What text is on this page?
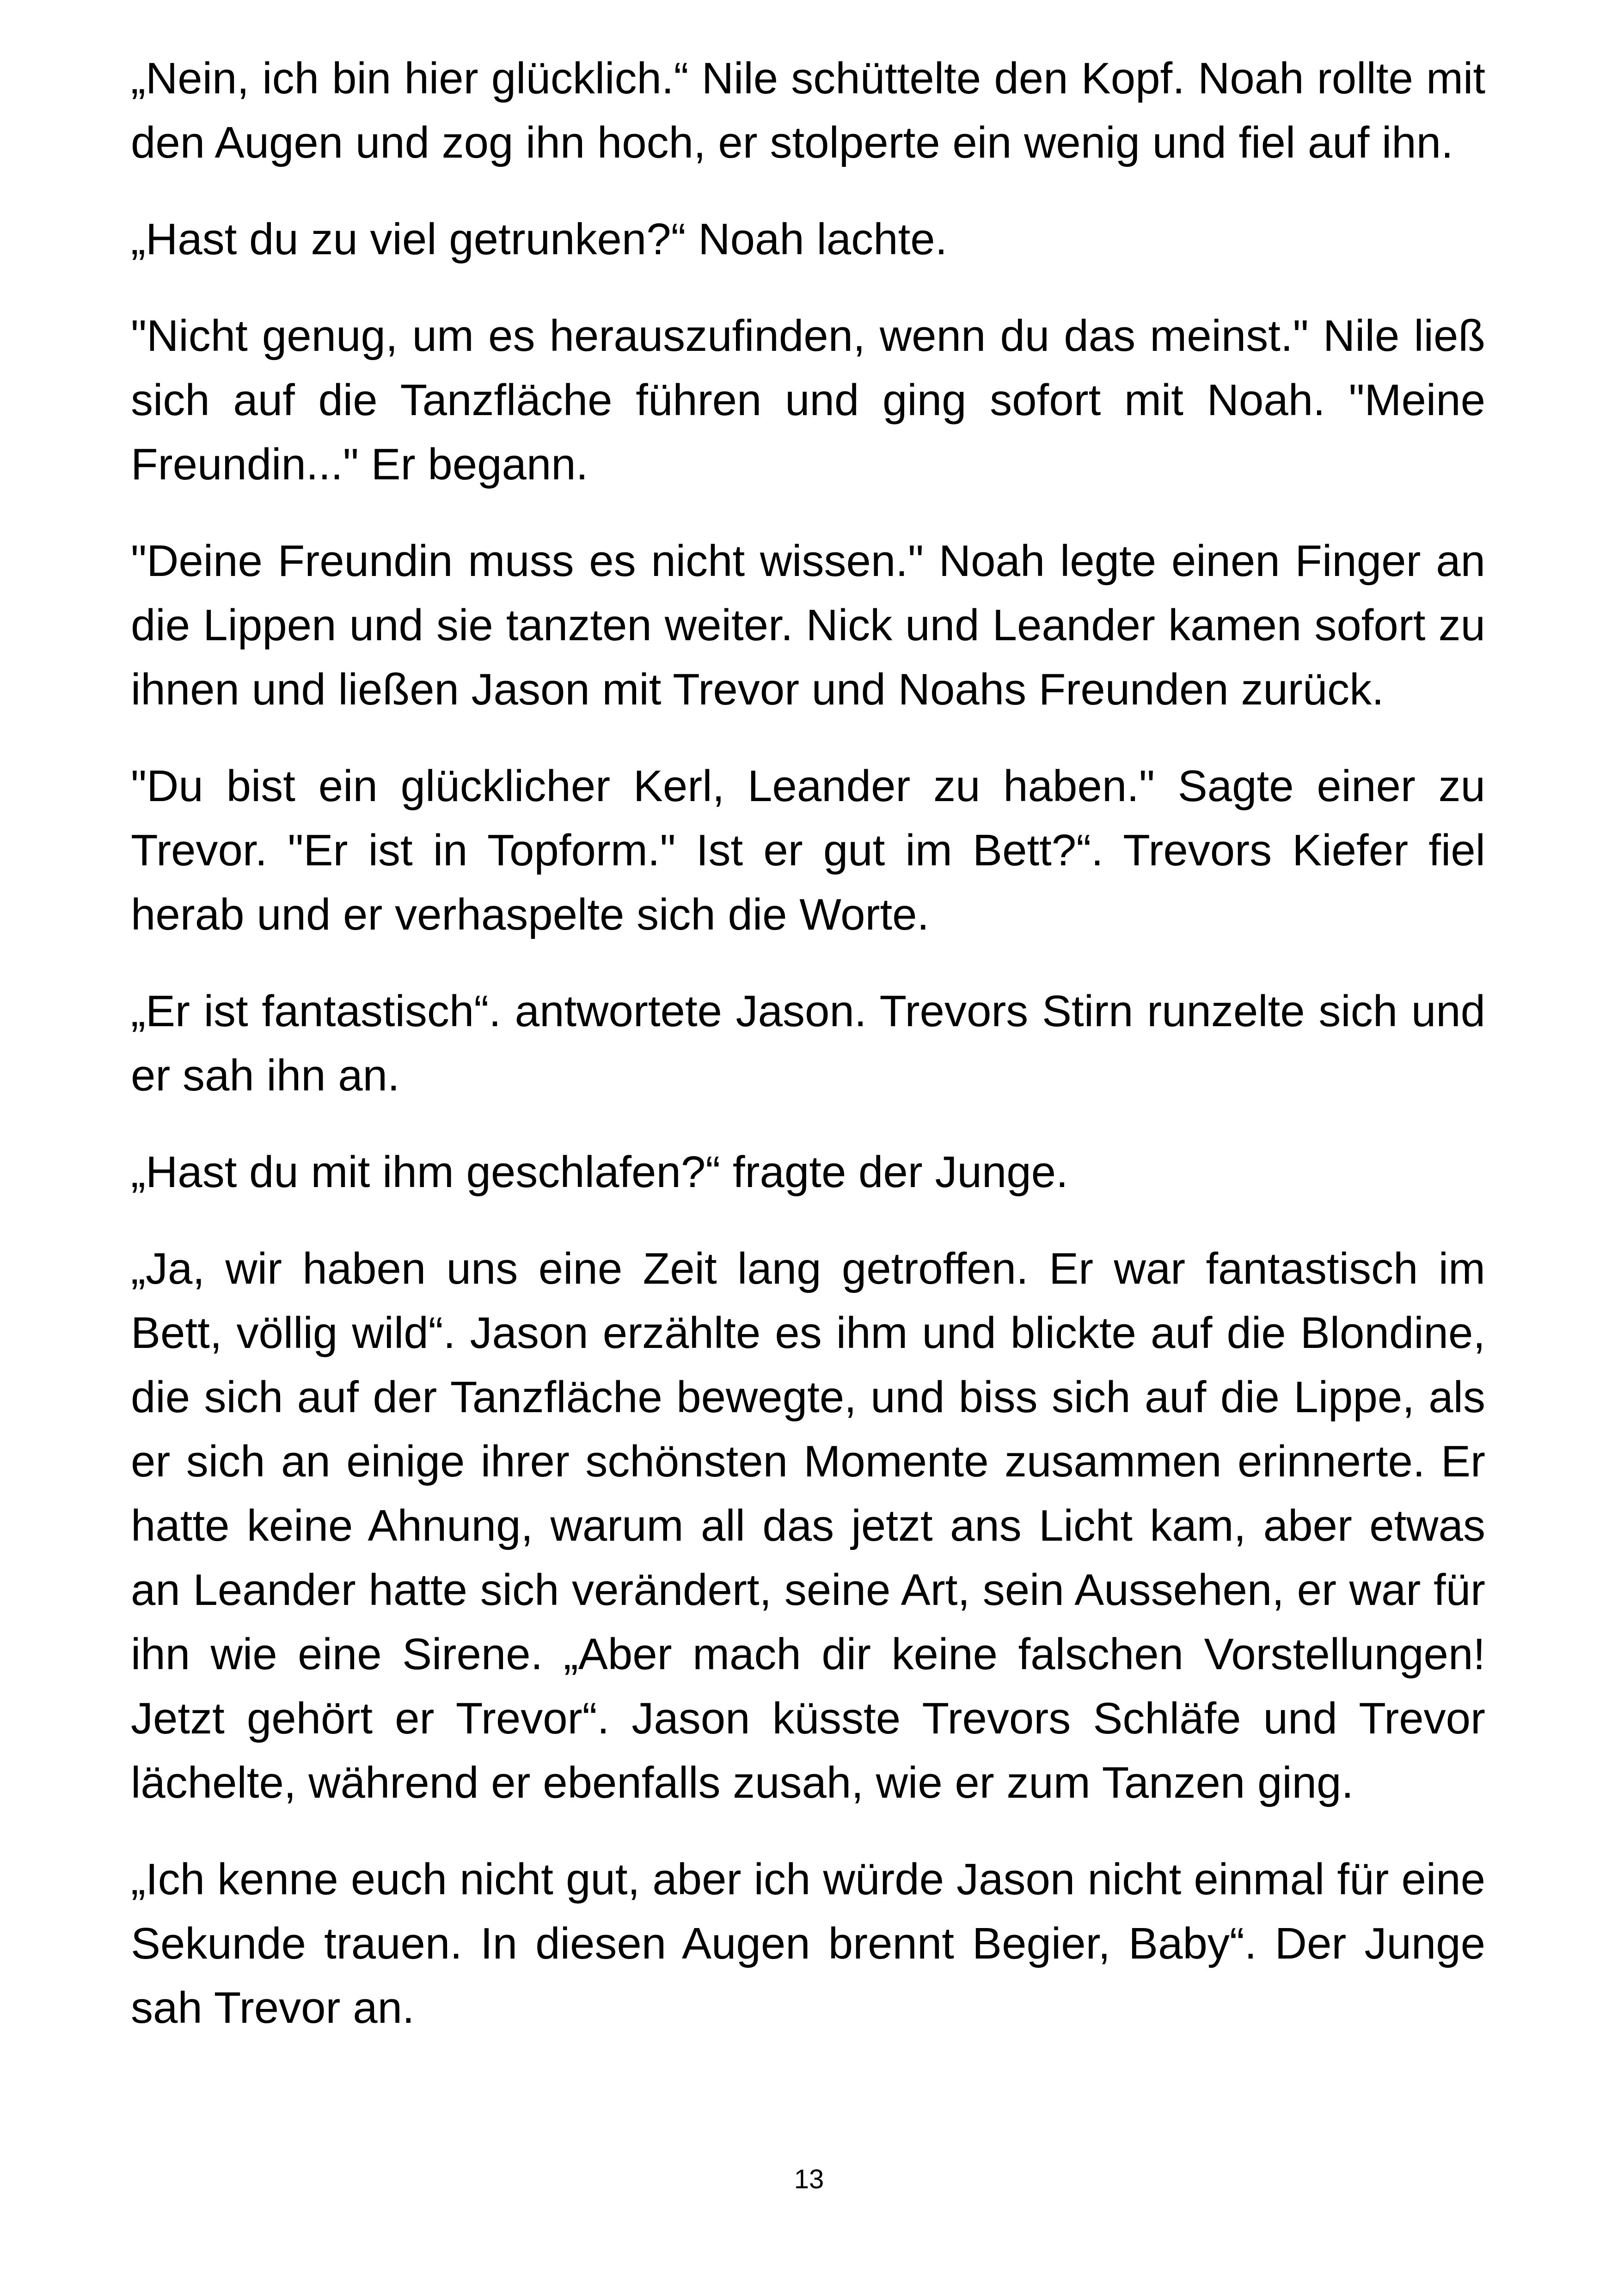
„Nein, ich bin hier glücklich.“ Nile schüttelte den Kopf. Noah rollte mit den Augen und zog ihn hoch, er stolperte ein wenig und fiel auf ihn.

„Hast du zu viel getrunken?“ Noah lachte.

"Nicht genug, um es herauszufinden, wenn du das meinst." Nile ließ sich auf die Tanzfläche führen und ging sofort mit Noah. "Meine Freundin..." Er begann.

"Deine Freundin muss es nicht wissen." Noah legte einen Finger an die Lippen und sie tanzten weiter. Nick und Leander kamen sofort zu ihnen und ließen Jason mit Trevor und Noahs Freunden zurück.

"Du bist ein glücklicher Kerl, Leander zu haben." Sagte einer zu Trevor. "Er ist in Topform." Ist er gut im Bett?“. Trevors Kiefer fiel herab und er verhaspelte sich die Worte.

„Er ist fantastisch“. antwortete Jason. Trevors Stirn runzelte sich und er sah ihn an.

„Hast du mit ihm geschlafen?“ fragte der Junge.

„Ja, wir haben uns eine Zeit lang getroffen. Er war fantastisch im Bett, völlig wild“. Jason erzählte es ihm und blickte auf die Blondine, die sich auf der Tanzfläche bewegte, und biss sich auf die Lippe, als er sich an einige ihrer schönsten Momente zusammen erinnerte. Er hatte keine Ahnung, warum all das jetzt ans Licht kam, aber etwas an Leander hatte sich verändert, seine Art, sein Aussehen, er war für ihn wie eine Sirene. „Aber mach dir keine falschen Vorstellungen! Jetzt gehört er Trevor“. Jason küsste Trevors Schläfe und Trevor lächelte, während er ebenfalls zusah, wie er zum Tanzen ging.

„Ich kenne euch nicht gut, aber ich würde Jason nicht einmal für eine Sekunde trauen. In diesen Augen brennt Begier, Baby“. Der Junge sah Trevor an.

13
